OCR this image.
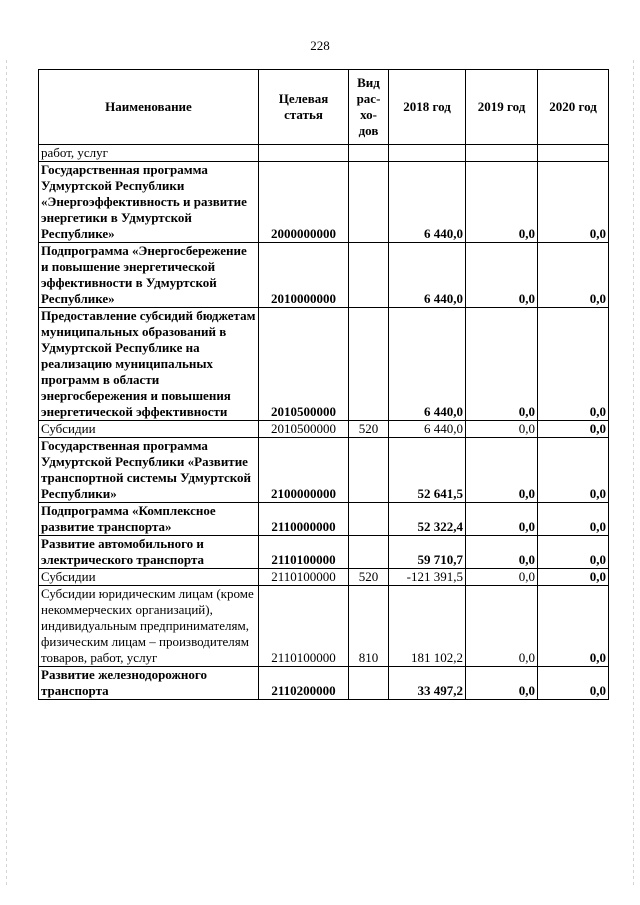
228
Наименование	Целевая статья	Вид рас-хо-дов	2018 год	2019 год	2020 год
работ, услуг					
Государственная программа Удмуртской Республики «Энергоэффективность и развитие энергетики в Удмуртской Республике»	2000000000		6 440,0	0,0	0,0
Подпрограмма «Энергосбережение и повышение энергетической эффективности в Удмуртской Республике»	2010000000		6 440,0	0,0	0,0
Предоставление субсидий бюджетам муниципальных образований в Удмуртской Республике на реализацию муниципальных программ в области энергосбережения и повышения энергетической эффективности	2010500000		6 440,0	0,0	0,0
Субсидии	2010500000	520	6 440,0	0,0	0,0
Государственная программа Удмуртской Республики «Развитие транспортной системы Удмуртской Республики»	2100000000		52 641,5	0,0	0,0
Подпрограмма «Комплексное развитие транспорта»	2110000000		52 322,4	0,0	0,0
Развитие автомобильного и электрического транспорта	2110100000		59 710,7	0,0	0,0
Субсидии	2110100000	520	-121 391,5	0,0	0,0
Субсидии юридическим лицам (кроме некоммерческих организаций), индивидуальным предпринимателям, физическим лицам – производителям товаров, работ, услуг	2110100000	810	181 102,2	0,0	0,0
Развитие железнодорожного транспорта	2110200000		33 497,2	0,0	0,0
